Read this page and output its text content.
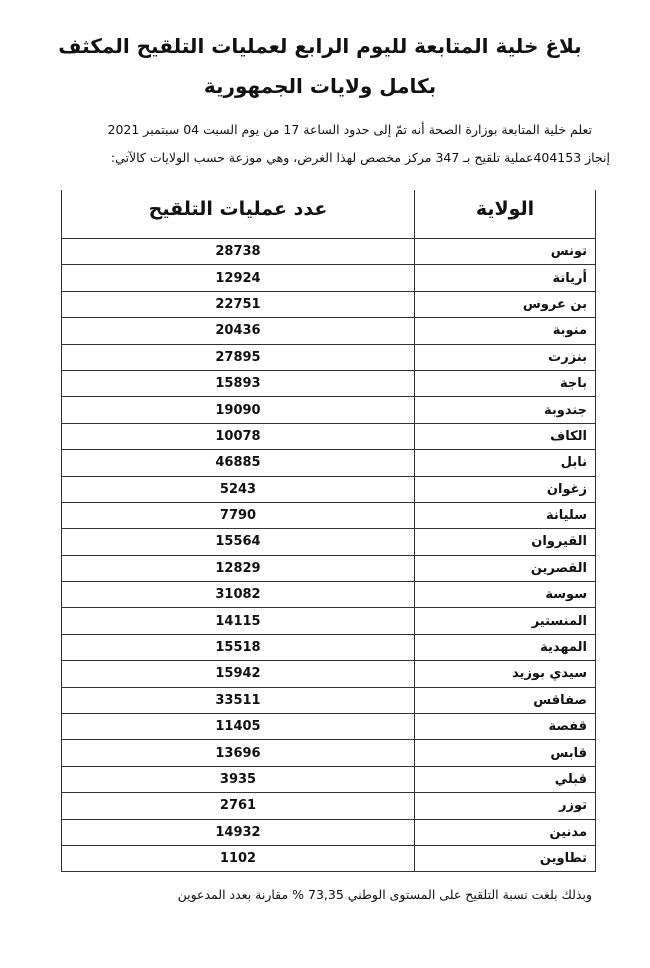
بلاغ خلية المتابعة لليوم الرابع لعمليات التلقيح المكثف بكامل ولايات الجمهورية
تعلم خلية المتابعة بوزارة الصحة أنه تمّ إلى حدود الساعة 17 من يوم السبت 04 سبتمبر 2021
إنجاز 404153عملية تلقيح بـ 347 مركز مخصص لهذا الغرض، وهي موزعة حسب الولايات كالآتي:
الولاية	عدد عمليات التلقيح
تونس	28738
أريانة	12924
بن عروس	22751
منوبة	20436
بنزرت	27895
باجة	15893
جندوبة	19090
الكاف	10078
نابل	46885
زغوان	5243
سليانة	7790
القيروان	15564
القصرين	12829
سوسة	31082
المنستير	14115
المهدية	15518
سيدي بوزيد	15942
صفاقس	33511
قفصة	11405
قابس	13696
قبلي	3935
توزر	2761
مدنين	14932
تطاوين	1102
وبذلك بلغت نسبة التلقيح على المستوى الوطني 73,35 % مقارنة بعدد المدعوين
